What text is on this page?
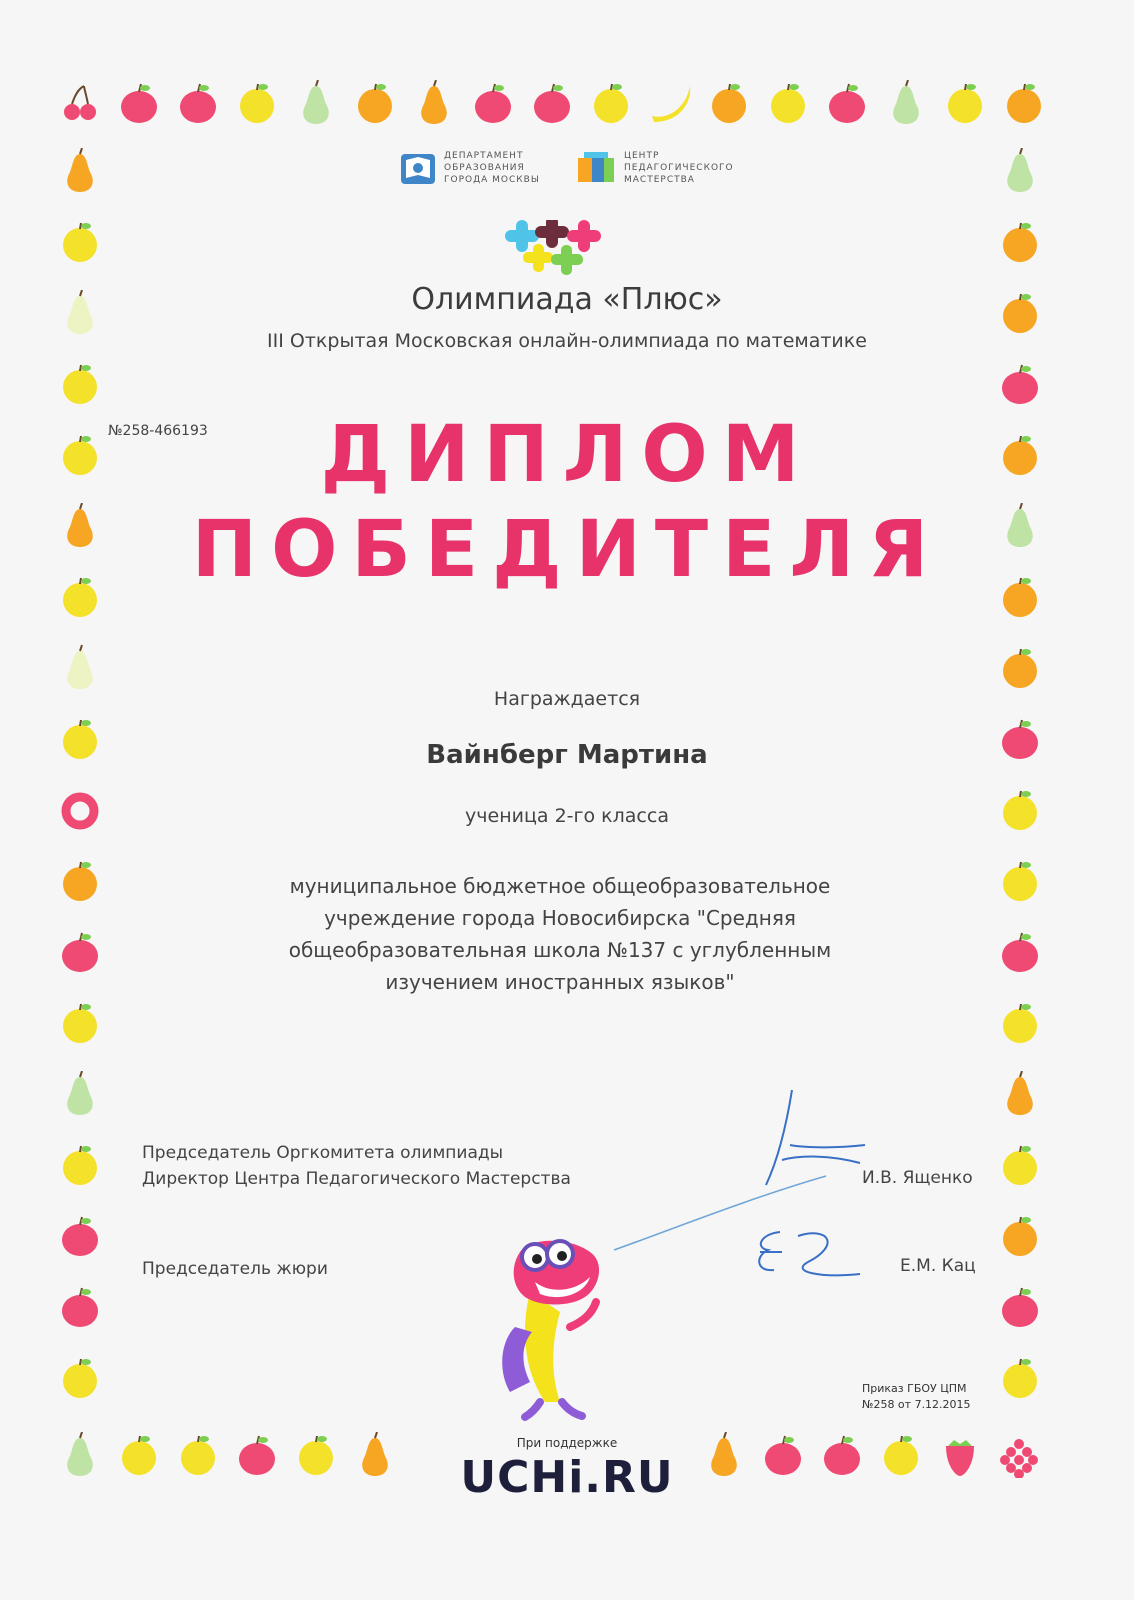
ДЕПАРТАМЕНТ
ОБРАЗОВАНИЯ
ГОРОДА МОСКВЫ
ЦЕНТР
ПЕДАГОГИЧЕСКОГО
МАСТЕРСТВА
Олимпиада «Плюс»
III Открытая Московская онлайн-олимпиада по математике
№258-466193	ДИПЛОМ
ПОБЕДИТЕЛЯ
Награждается
Вайнберг Мартина
ученица 2-го класса
муниципальное бюджетное общеобразовательное
учреждение города Новосибирска "Средняя
общеобразовательная школа №137 с углубленным
изучением иностранных языков"
Председатель Оргкомитета олимпиады
Директор Центра Педагогического Мастерства	И.В. Ященко
Председатель жюри	Е.М. Кац
Приказ ГБОУ ЦПМ
№258 от 7.12.2015
При поддержке
UCHi.RU
